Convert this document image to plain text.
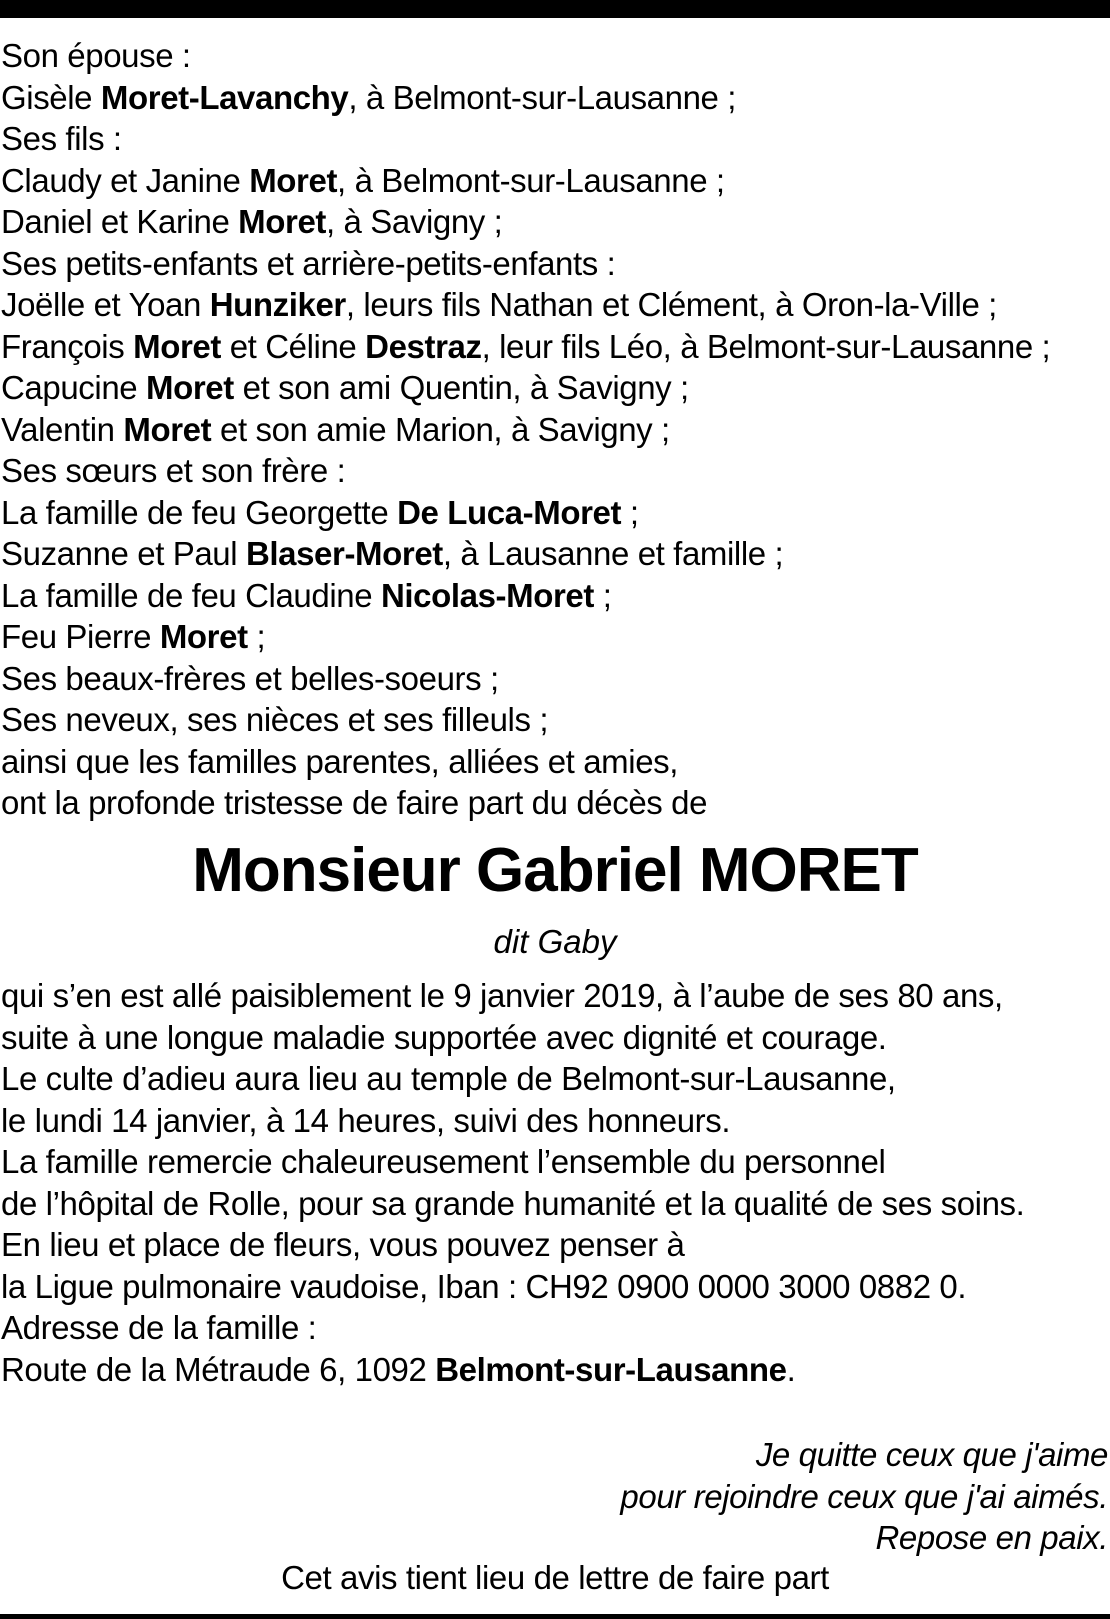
Son épouse :
Gisèle Moret-Lavanchy, à Belmont-sur-Lausanne ;
Ses fils :
Claudy et Janine Moret, à Belmont-sur-Lausanne ;
Daniel et Karine Moret, à Savigny ;
Ses petits-enfants et arrière-petits-enfants :
Joëlle et Yoan Hunziker, leurs fils Nathan et Clément, à Oron-la-Ville ;
François Moret et Céline Destraz, leur fils Léo, à Belmont-sur-Lausanne ;
Capucine Moret et son ami Quentin, à Savigny ;
Valentin Moret et son amie Marion, à Savigny ;
Ses sœurs et son frère :
La famille de feu Georgette De Luca-Moret ;
Suzanne et Paul Blaser-Moret, à Lausanne et famille ;
La famille de feu Claudine Nicolas-Moret ;
Feu Pierre Moret ;
Ses beaux-frères et belles-soeurs ;
Ses neveux, ses nièces et ses filleuls ;
ainsi que les familles parentes, alliées et amies,
ont la profonde tristesse de faire part du décès de
Monsieur Gabriel MORET
dit Gaby
qui s’en est allé paisiblement le 9 janvier 2019, à l’aube de ses 80 ans,
suite à une longue maladie supportée avec dignité et courage.
Le culte d’adieu aura lieu au temple de Belmont-sur-Lausanne,
le lundi 14 janvier, à 14 heures, suivi des honneurs.
La famille remercie chaleureusement l’ensemble du personnel
de l’hôpital de Rolle, pour sa grande humanité et la qualité de ses soins.
En lieu et place de fleurs, vous pouvez penser à
la Ligue pulmonaire vaudoise, Iban : CH92 0900 0000 3000 0882 0.
Adresse de la famille :
Route de la Métraude 6, 1092 Belmont-sur-Lausanne.
Je quitte ceux que j'aime
pour rejoindre ceux que j'ai aimés.
Repose en paix.
Cet avis tient lieu de lettre de faire part
